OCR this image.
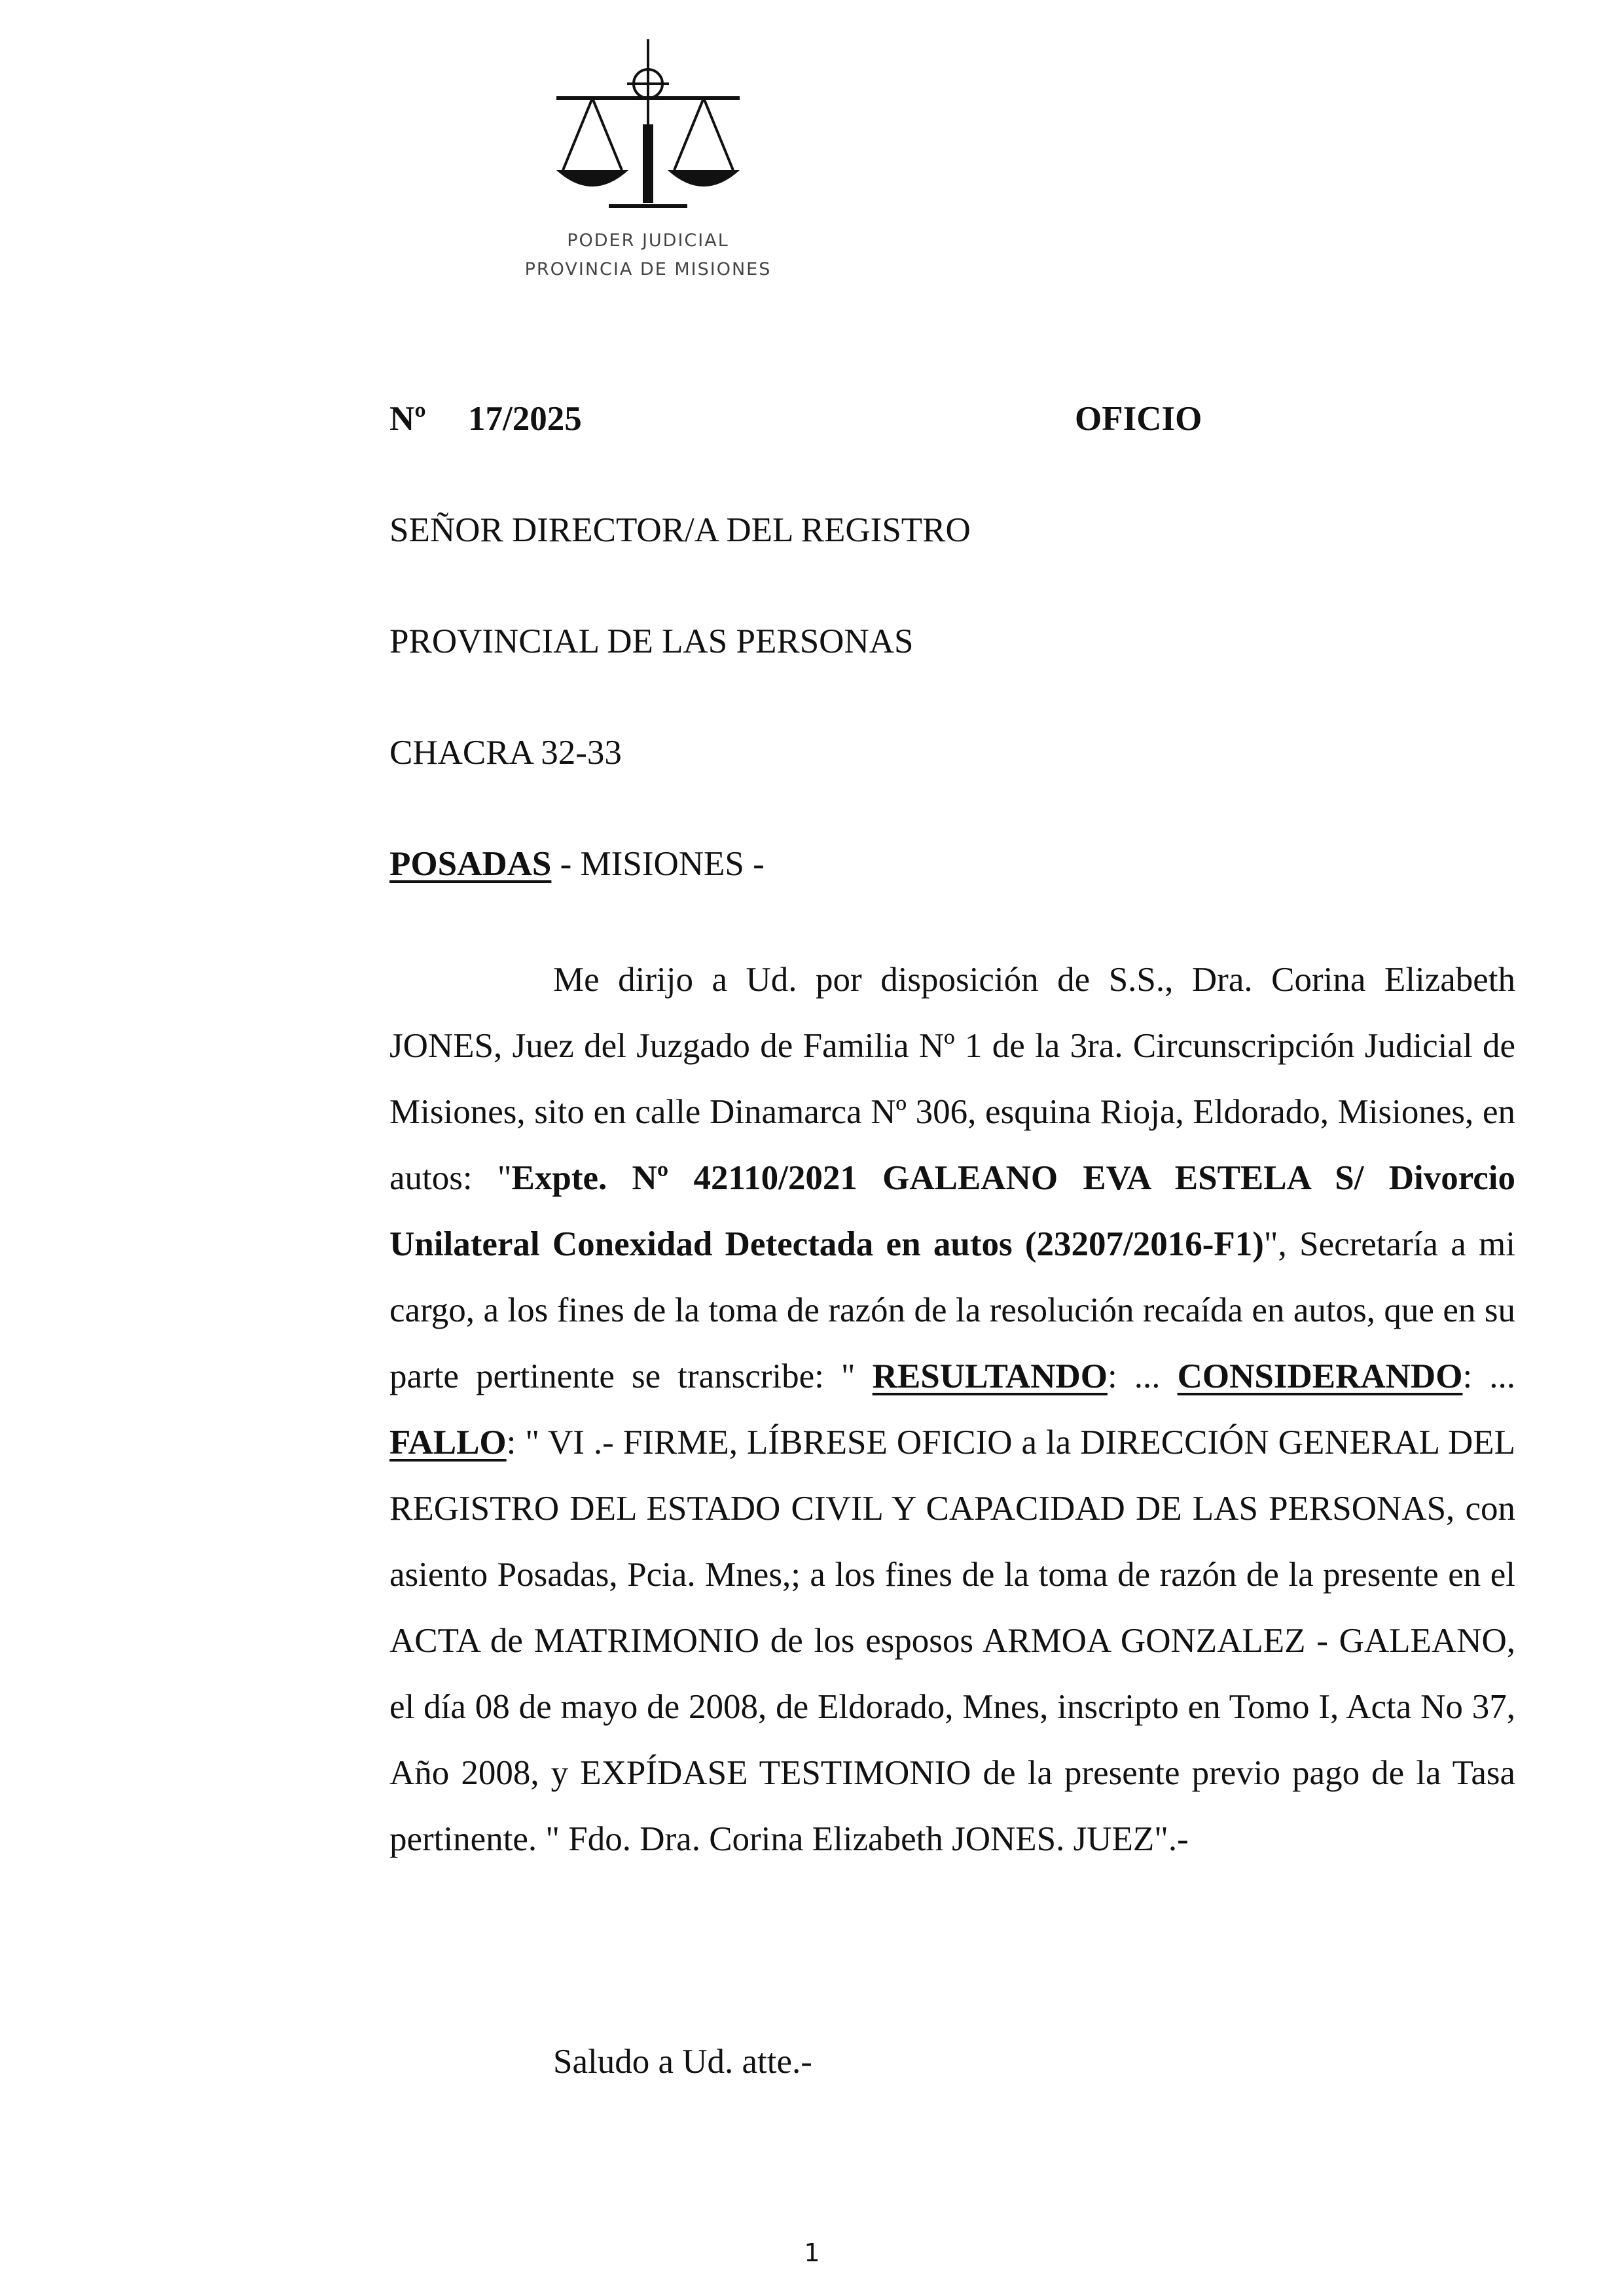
PODER JUDICIAL
PROVINCIA DE MISIONES
Nº 17/2025	OFICIO
SEÑOR DIRECTOR/A DEL REGISTRO
PROVINCIAL DE LAS PERSONAS
CHACRA 32-33
POSADAS - MISIONES -
Me dirijo a Ud. por disposición de S.S., Dra. Corina Elizabeth JONES, Juez del Juzgado de Familia Nº 1 de la 3ra. Circunscripción Judicial de Misiones, sito en calle Dinamarca Nº 306, esquina Rioja, Eldorado, Misiones, en autos: "Expte. Nº 42110/2021 GALEANO EVA ESTELA S/ Divorcio Unilateral Conexidad Detectada en autos (23207/2016-F1)", Secretaría a mi cargo, a los fines de la toma de razón de la resolución recaída en autos, que en su parte pertinente se transcribe: " RESULTANDO: ... CONSIDERANDO: ... FALLO: " VI .- FIRME, LÍBRESE OFICIO a la DIRECCIÓN GENERAL DEL REGISTRO DEL ESTADO CIVIL Y CAPACIDAD DE LAS PERSONAS, con asiento Posadas, Pcia. Mnes,; a los fines de la toma de razón de la presente en el ACTA de MATRIMONIO de los esposos ARMOA GONZALEZ - GALEANO, el día 08 de mayo de 2008, de Eldorado, Mnes, inscripto en Tomo I, Acta No 37, Año 2008, y EXPÍDASE TESTIMONIO de la presente previo pago de la Tasa pertinente. " Fdo. Dra. Corina Elizabeth JONES. JUEZ".-
Saludo a Ud. atte.-
1
